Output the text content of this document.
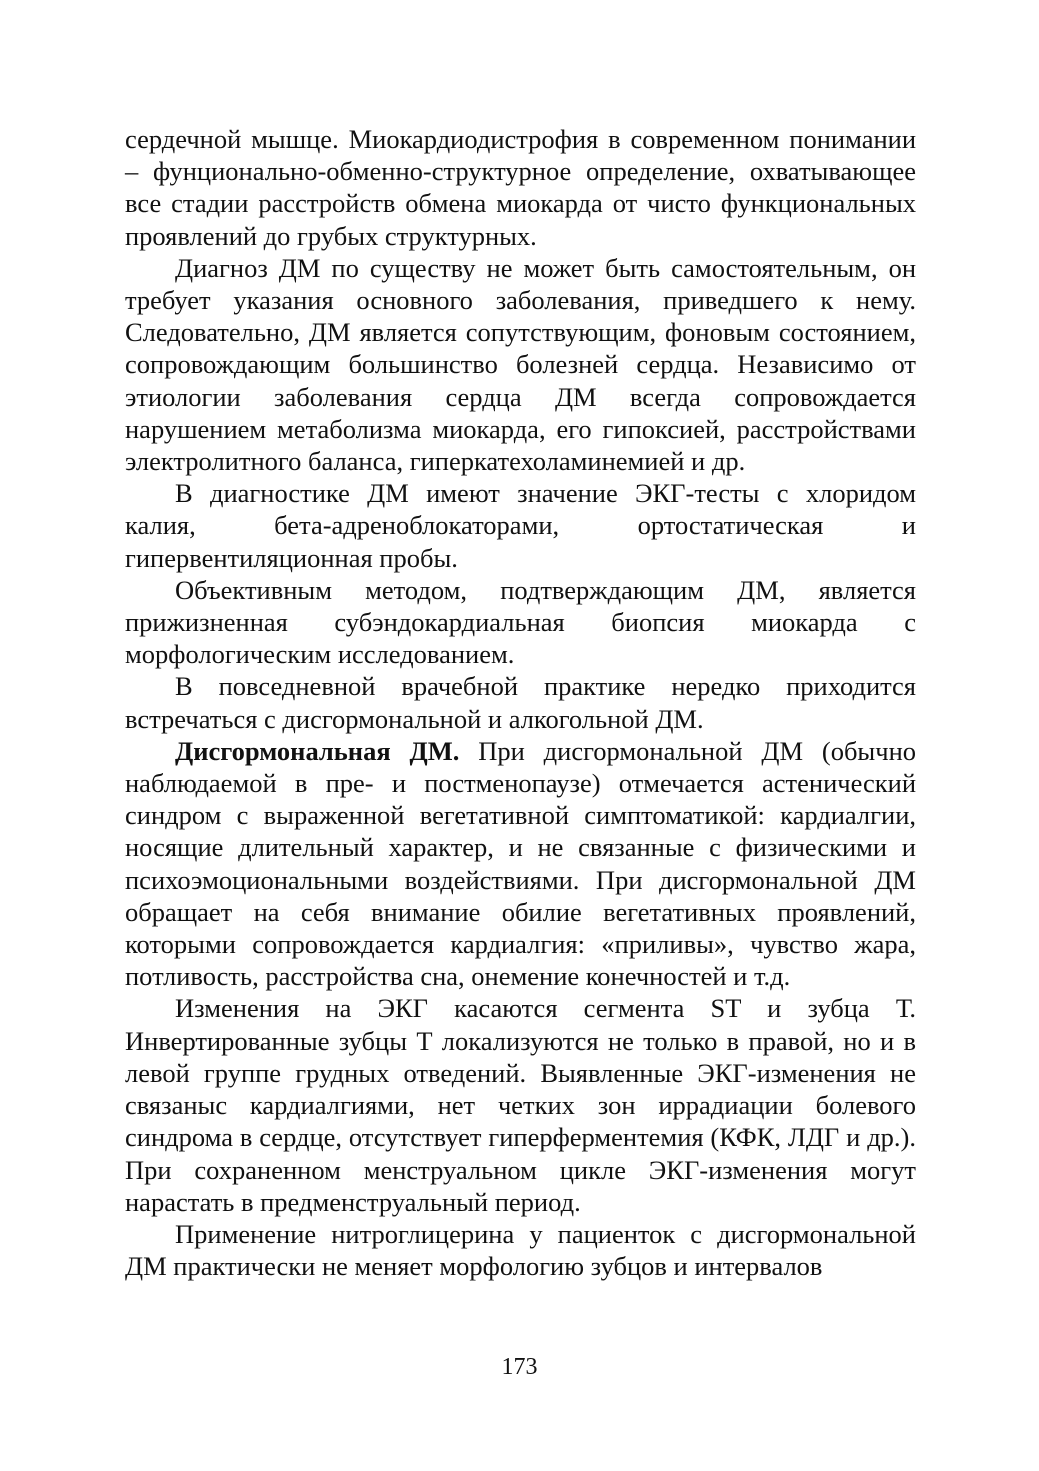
сердечной мышце. Миокардиодистрофия в современном понимании – фунционально-обменно-структурное определение, охватывающее все стадии расстройств обмена миокарда от чисто функциональных проявлений до грубых структурных.

Диагноз ДМ по существу не может быть самостоятельным, он требует указания основного заболевания, приведшего к нему. Следовательно, ДМ является сопутствующим, фоновым состоянием, сопровождающим большинство болезней сердца. Независимо от этиологии заболевания сердца ДМ всегда сопровождается нарушением метаболизма миокарда, его гипоксией, расстройствами электролитного баланса, гиперкатехоламинемией и др.

В диагностике ДМ имеют значение ЭКГ-тесты с хлоридом калия, бета-адреноблокаторами, ортостатическая и гипервентиляционная пробы.

Объективным методом, подтверждающим ДМ, является прижизненная субэндокардиальная биопсия миокарда с морфологическим исследованием.

В повседневной врачебной практике нередко приходится встречаться с дисгормональной и алкогольной ДМ.

Дисгормональная ДМ. При дисгормональной ДМ (обычно наблюдаемой в пре- и постменопаузе) отмечается астенический синдром с выраженной вегетативной симптоматикой: кардиалгии, носящие длительный характер, и не связанные с физическими и психоэмоциональными воздействиями. При дисгормональной ДМ обращает на себя внимание обилие вегетативных проявлений, которыми сопровождается кардиалгия: «приливы», чувство жара, потливость, расстройства сна, онемение конечностей и т.д.

Изменения на ЭКГ касаются сегмента ST и зубца Т. Инвертированные зубцы Т локализуются не только в правой, но и в левой группе грудных отведений. Выявленные ЭКГ-изменения не связаныс кардиалгиями, нет четких зон иррадиации болевого синдрома в сердце, отсутствует гиперферментемия (КФК, ЛДГ и др.). При сохраненном менструальном цикле ЭКГ-изменения могут нарастать в предменструальный период.

Применение нитроглицерина у пациенток с дисгормональной ДМ практически не меняет морфологию зубцов и интервалов

173
